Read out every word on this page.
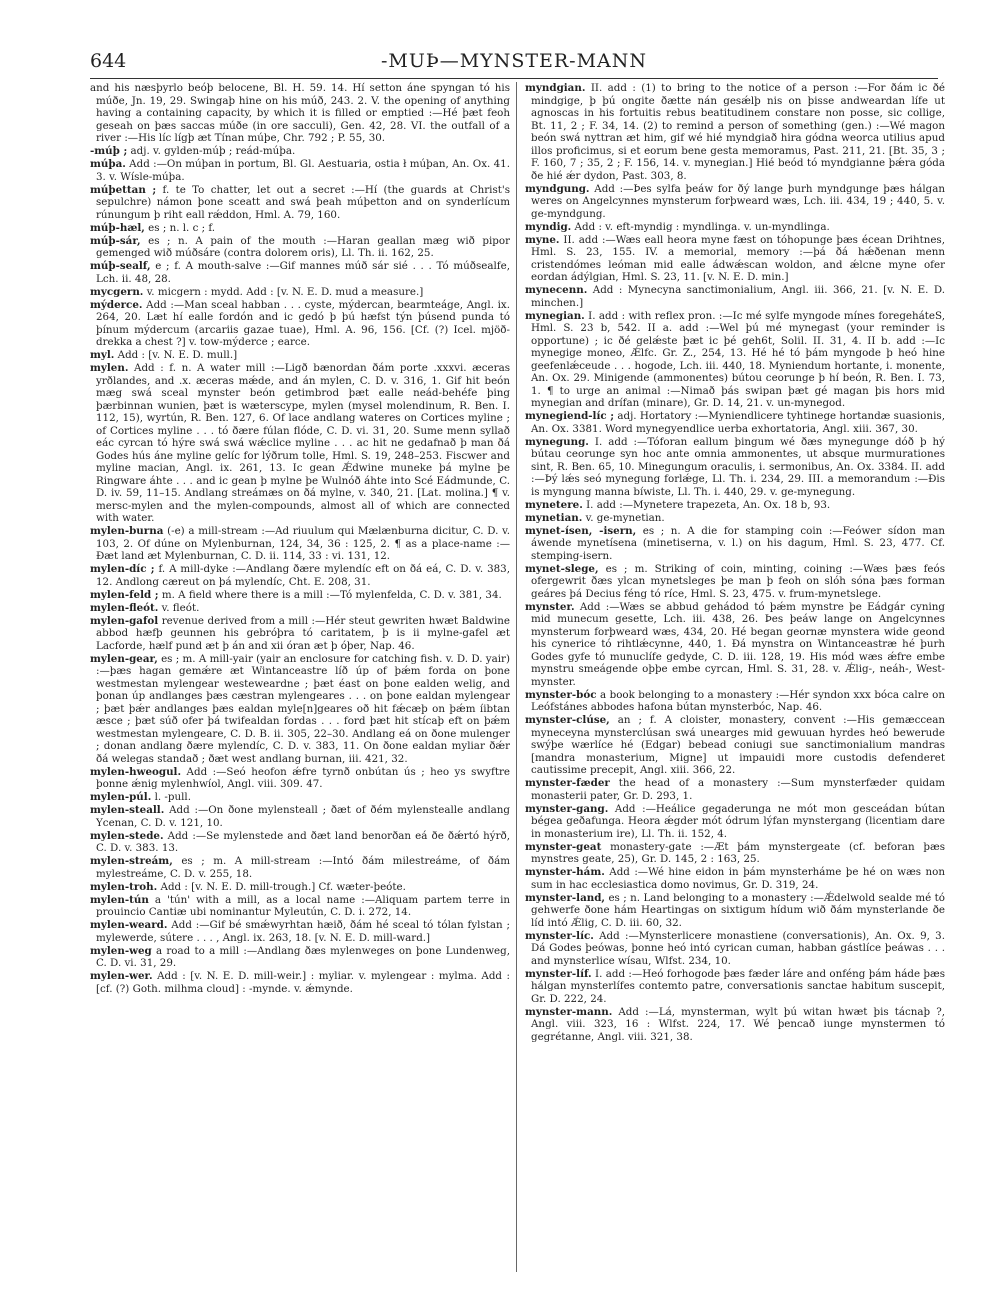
644	-MUÞ—MYNSTER-MANN
and his næsþyrlo beóþ belocene, Bl. H. 59. 14. Hí setton áne spyngan tó his múðe, Jn. 19, 29. Swingaþ hine on his múð, 243. 2. V. the opening of anything having a containing capacity, by which it is filled or emptied :—Hé þæt feoh geseah on þæs saccas múðe (in ore sacculi), Gen. 42, 28. VI. the outfall of a river :—His líc lígþ æt Tínan múþe, Chr. 792 ; P. 55, 30.
-múþ ; adj. v. gylden-múþ ; reád-múþa.
múþa. Add :—On múþan in portum, Bl. Gl. Aestuaria, ostia ł múþan, An. Ox. 41. 3. v. Wísle-múþa.
múþettan ; f. te To chatter, let out a secret :—Hí (the guards at Christ's sepulchre) námon þone sceatt and swá þeah múþetton and on synderlícum rúnungum þ riht eall rǽddon, Hml. A. 79, 160.
múþ-hæl, es ; n. l. c ; f.
múþ-sár, es ; n. A pain of the mouth :—Haran geallan mæg wið pipor gemenged wið múðsáre (contra dolorem oris), Ll. Th. ii. 162, 25.
múþ-sealf, e ; f. A mouth-salve :—Gif mannes múð sár sié . . . Tó múðsealfe, Lch. ii. 48, 28.
mycgern. v. micgern : mydd. Add : [v. N. E. D. mud a measure.]
mýderce. Add :—Man sceal habban . . . cyste, mýdercan, bearmteáge, Angl. ix. 264, 20. Læt hí ealle fordón and ic gedó þ þú hæfst týn þúsend punda tó þínum mýdercum (arcariis gazae tuae), Hml. A. 96, 156. [Cf. (?) Icel. mjöð-drekka a chest ?] v. tow-mýderce ; earce.
myl. Add : [v. N. E. D. mull.]
mylen. Add : f. n. A water mill :—Ligð bænordan ðám porte .xxxvi. æceras yrðlandes, and .x. æceras mǽde, and án mylen, C. D. v. 316, 1. Gif hit beón mæg swá sceal mynster beón getimbrod þæt ealle neád-behéfe þing þærbinnan wunien, þæt is wæterscype, mylen (mysel molendinum, R. Ben. I. 112, 15), wyrtún, R. Ben. 127, 6. Of lace andlang wateres on Cortices myline ; of Cortices myline . . . tó ðære fúlan flóde, C. D. vi. 31, 20. Sume menn syllað eác cyrcan tó hýre swá swá wǽclice myline . . . ac hit ne gedafnað þ man ðá Godes hús áne myline gelíc for lýðrum tolle, Hml. S. 19, 248–253. Fiscwer and myline macian, Angl. ix. 261, 13. Ic gean Ǽdwine muneke þá mylne þe Ringware áhte . . . and ic gean þ mylne þe Wulnóð áhte into Scé Eádmunde, C. D. iv. 59, 11–15. Andlang streámæs on ðá mylne, v. 340, 21. [Lat. molina.] ¶ v. mersc-mylen and the mylen-compounds, almost all of which are connected with water.
mylen-burna (-e) a mill-stream :—Ad riuulum qui Mælænburna dicitur, C. D. v. 103, 2. Of dúne on Mylenburnan, 124, 34, 36 : 125, 2. ¶ as a place-name :—Ðæt land æt Mylenburnan, C. D. ii. 114, 33 : vi. 131, 12.
mylen-díc ; f. A mill-dyke :—Andlang ðære mylendíc eft on ðá eá, C. D. v. 383, 12. Andlong cæreut on þá mylendíc, Cht. E. 208, 31.
mylen-feld ; m. A field where there is a mill :—Tó mylenfelda, C. D. v. 381, 34.
mylen-fleót. v. fleót.
mylen-gafol revenue derived from a mill :—Hér steut gewriten hwæt Baldwine abbod hæfþ geunnen his gebróþra tó caritatem, þ is ii mylne-gafel æt Lacforde, hælf pund æt þ án and xii óran æt þ óþer, Nap. 46.
mylen-gear, es ; m. A mill-yair (yair an enclosure for catching fish. v. D. D. yair) :—þæs hagan gemǽre æt Wintanceastre líð úp of þǽm forda on þone westmestan mylengear westeweardne ; þæt éast on þone ealden welig, and þonan úp andlanges þæs cæstran mylengeares . . . on þone ealdan mylengear ; þæt þǽr andlanges þæs ealdan myle[n]geares oð hit fǽcæþ on þǽm íibtan æsce ; þæt súð ofer þá twifealdan fordas . . . ford þæt hit stícaþ eft on þǽm westmestan mylengeare, C. D. B. ii. 305, 22–30. Andlang eá on ðone mulenger ; donan andlang ðære mylendíc, C. D. v. 383, 11. On ðone ealdan myliar ðǽr ðá welegas standað ; ðæt west andlang burnan, iii. 421, 32.
mylen-hweogul. Add :—Seó heofon ǽfre tyrnð onbútan ús ; heo ys swyftre þonne ǽnig mylenhwíol, Angl. viii. 309. 47.
mylen-púl. l. -pull.
mylen-steall. Add :—On ðone mylensteall ; ðæt of ðém mylenstealle andlang Ycenan, C. D. v. 121, 10.
mylen-stede. Add :—Se mylenstede and ðæt land benorðan eá ðe ðǽrtó hýrð, C. D. v. 383. 13.
mylen-streám, es ; m. A mill-stream :—Intó ðám milestreáme, of ðám mylestreáme, C. D. v. 255, 18.
mylen-troh. Add : [v. N. E. D. mill-trough.] Cf. wæter-þeóte.
mylen-tún a 'tún' with a mill, as a local name :—Aliquam partem terre in prouincio Cantiæ ubi nominantur Myleutún, C. D. i. 272, 14.
mylen-weard. Add :—Gif bé smǽwyrhtan hæið, ðám hé sceal tó tólan fylstan ; mylewerde, sútere . . . , Angl. ix. 263, 18. [v. N. E. D. mill-ward.]
mylen-weg a road to a mill :—Andlang ðæs mylenweges on þone Lundenweg, C. D. vi. 31, 29.
mylen-wer. Add : [v. N. E. D. mill-weir.] : myliar. v. mylengear : mylma. Add : [cf. (?) Goth. milhma cloud] : -mynde. v. ǽmynde.
myndgian. II. add : (1) to bring to the notice of a person :—For ðám ic ðé mindgige, þ þú ongite ðætte nán gesǽlþ nis on þisse andweardan lífe ut agnoscas in his fortuitis rebus beatitudinem constare non posse, sic collige, Bt. 11, 2 ; F. 34, 14. (2) to remind a person of something (gen.) :—Wé magon beón swá nyttran æt him, gif wé hié myndgiað hira gódna weorca utilius apud illos proficimus, si et eorum bene gesta memoramus, Past. 211, 21. [Bt. 35, 3 ; F. 160, 7 ; 35, 2 ; F. 156, 14. v. mynegian.] Hié beód tó myndgianne þǽra góda ðe hié ǽr dydon, Past. 303, 8.
myndgung. Add :—Þes sylfa þeáw for ðý lange þurh myndgunge þæs hálgan weres on Angelcynnes mynsterum forþweard wæs, Lch. iii. 434, 19 ; 440, 5. v. ge-myndgung.
myndig. Add : v. eft-myndig : myndlinga. v. un-myndlinga.
myne. II. add :—Wæs eall heora myne fæst on tóhopunge þæs écean Drihtnes, Hml. S. 23, 155. IV. a memorial, memory :—þá ðá hǽðenan menn cristendómes leóman mid ealle ádwǽscan woldon, and ǽlcne myne ofer eordan ádýlgian, Hml. S. 23, 11. [v. N. E. D. min.]
mynecenn. Add : Mynecyna sanctimonialium, Angl. iii. 366, 21. [v. N. E. D. minchen.]
mynegian. I. add : with reflex pron. :—Ic mé sylfe myngode mínes foregeháteS, Hml. S. 23 b, 542. II a. add :—Wel þú mé mynegast (your reminder is opportune) ; ic ðé gelǽste þæt ic þé geh6t, Solil. II. 31, 4. II b. add :—Ic mynegige moneo, Ǽlfc. Gr. Z., 254, 13. Hé hé tó þám myngode þ heó hine geefenlǽceude . . . hogode, Lch. iii. 440, 18. Myniendum hortante, i. monente, An. Ox. 29. Minigende (ammonentes) bútou ceorunge þ hí beón, R. Ben. I. 73, 1. ¶ to urge an animal :—Nimað þás swipan þæt gé magan þis hors mid mynegian and drífan (minare), Gr. D. 14, 21. v. un-mynegod.
mynegiend-líc ; adj. Hortatory :—Myniendlicere tyhtinege hortandæ suasionis, An. Ox. 3381. Word mynegyendlice uerba exhortatoria, Angl. xiii. 367, 30.
mynegung. I. add :—Tóforan eallum þingum wé ðæs mynegunge dóð þ hý bútau ceorunge syn hoc ante omnia ammonentes, ut absque murmurationes sint, R. Ben. 65, 10. Minegungum oraculis, i. sermonibus, An. Ox. 3384. II. add :—Þý lǽs seó mynegung forlǽge, Ll. Th. i. 234, 29. III. a memorandum :—Ðis is myngung manna bíwiste, Ll. Th. i. 440, 29. v. ge-mynegung.
mynetere. I. add :—Mynetere trapezeta, An. Ox. 18 b, 93.
mynetian. v. ge-mynetian.
mynet-ísen, -isern, es ; n. A die for stamping coin :—Feówer sídon man áwende mynetísena (minetiserna, v. l.) on his dagum, Hml. S. 23, 477. Cf. stemping-isern.
mynet-slege, es ; m. Striking of coin, minting, coining :—Wæs þæs feós ofergewrit ðæs ylcan mynetsleges þe man þ feoh on slóh sóna þæs forman geáres þá Decius féng tó ríce, Hml. S. 23, 475. v. frum-mynetslege.
mynster. Add :—Wæs se abbud gehádod tó þǽm mynstre þe Eádgár cyning mid munecum gesette, Lch. iii. 438, 26. Þes þeáw lange on Angelcynnes mynsterum forþweard wæs, 434, 20. Hé began geornæ mynstera wide geond his cynerice tó rihtlǽcynne, 440, 1. Ðá mynstra on Wintanceastræ hé þurh Godes gyfe tó munuclífe gedyde, C. D. iii. 128, 19. His mód wæs ǽfre embe mynstru smeágende oþþe embe cyrcan, Hml. S. 31, 28. v. Ǽlig-, neáh-, West-mynster.
mynster-bóc a book belonging to a monastery :—Hér syndon xxx bóca calre on Leófstánes abbodes hafona bútan mynsterbóc, Nap. 46.
mynster-clúse, an ; f. A cloister, monastery, convent :—His gemæccean myneceyna mynsterclúsan swá unearges mid gewuuan hyrdes heó bewerude swýþe wærlíce hé (Edgar) bebead coniugi sue sanctimonialium mandras [mandra monasterium, Migne] ut impauidi more custodis defenderet cautissime precepit, Angl. xiii. 366, 22.
mynster-fæder the head of a monastery :—Sum mynsterfæder quidam monasterii pater, Gr. D. 293, 1.
mynster-gang. Add :—Heálice gegaderunga ne mót mon gesceádan bútan bégea geðafunga. Heora ǽgder mót ódrum lýfan mynstergang (licentiam dare in monasterium ire), Ll. Th. ii. 152, 4.
mynster-geat monastery-gate :—Æt þám mynstergeate (cf. beforan þæs mynstres geate, 25), Gr. D. 145, 2 : 163, 25.
mynster-hám. Add :—Wé hine eidon in þám mynsterháme þe hé on wæs non sum in hac ecclesiastica domo novimus, Gr. D. 319, 24.
mynster-land, es ; n. Land belonging to a monastery :—Ǽdelwold sealde mé tó gehwerfe ðone hám Heartingas on sixtigum hídum wið ðám mynsterlande ðe líd intó Ǽlig, C. D. iii. 60, 32.
mynster-líc. Add :—Mynsterlicere monastiene (conversationis), An. Ox. 9, 3. Dá Godes þeówas, þonne heó intó cyrican cuman, habban gástlíce þeáwas . . . and mynsterlice wísau, Wlfst. 234, 10.
mynster-líf. I. add :—Heó forhogode þæs fæder láre and onféng þám háde þæs hálgan mynsterlífes contemto patre, conversationis sanctae habitum suscepit, Gr. D. 222, 24.
mynster-mann. Add :—Lá, mynsterman, wylt þú witan hwæt þis tácnaþ ?, Angl. viii. 323, 16 : Wlfst. 224, 17. Wé þencað iunge mynstermen tó gegrétanne, Angl. viii. 321, 38.
